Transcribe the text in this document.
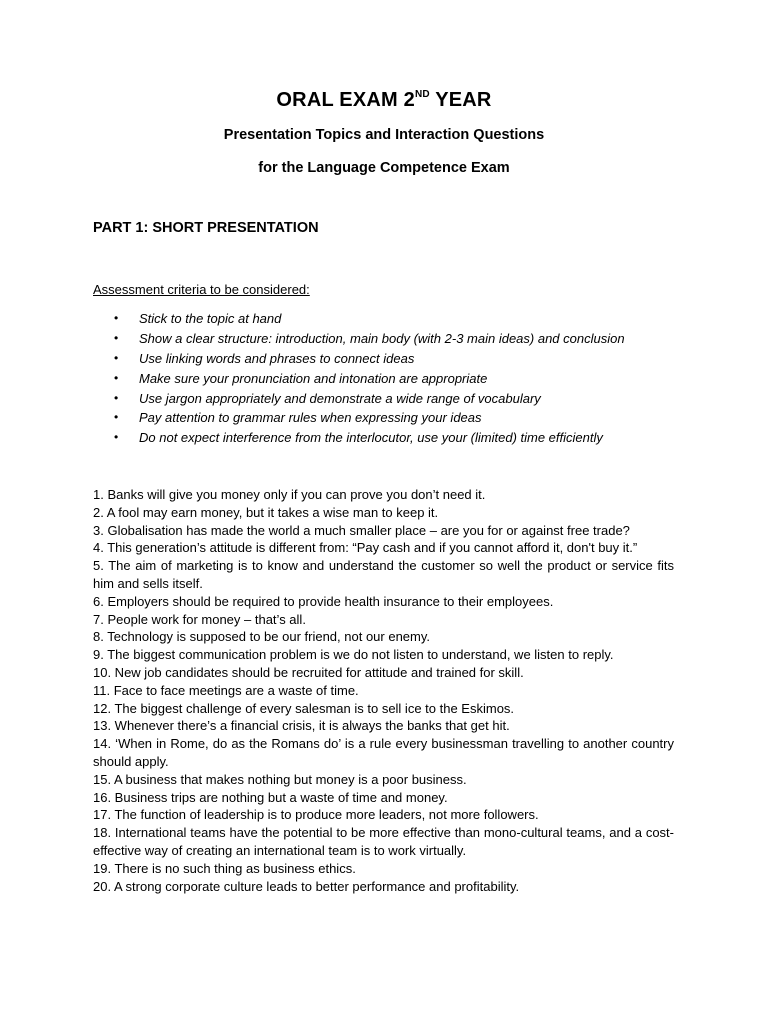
ORAL EXAM 2ND YEAR
Presentation Topics and Interaction Questions
for the Language Competence Exam
PART 1: SHORT PRESENTATION
Assessment criteria to be considered:
• Stick to the topic at hand
• Show a clear structure: introduction, main body (with 2-3 main ideas) and conclusion
• Use linking words and phrases to connect ideas
• Make sure your pronunciation and intonation are appropriate
• Use jargon appropriately and demonstrate a wide range of vocabulary
• Pay attention to grammar rules when expressing your ideas
• Do not expect interference from the interlocutor, use your (limited) time efficiently
1. Banks will give you money only if you can prove you don’t need it.
2. A fool may earn money, but it takes a wise man to keep it.
3. Globalisation has made the world a much smaller place – are you for or against free trade?
4. This generation’s attitude is different from: “Pay cash and if you cannot afford it, don't buy it.”
5. The aim of marketing is to know and understand the customer so well the product or service fits him and sells itself.
6. Employers should be required to provide health insurance to their employees.
7. People work for money – that’s all.
8. Technology is supposed to be our friend, not our enemy.
9. The biggest communication problem is we do not listen to understand, we listen to reply.
10. New job candidates should be recruited for attitude and trained for skill.
11. Face to face meetings are a waste of time.
12. The biggest challenge of every salesman is to sell ice to the Eskimos.
13. Whenever there’s a financial crisis, it is always the banks that get hit.
14. ‘When in Rome, do as the Romans do’ is a rule every businessman travelling to another country should apply.
15. A business that makes nothing but money is a poor business.
16. Business trips are nothing but a waste of time and money.
17. The function of leadership is to produce more leaders, not more followers.
18. International teams have the potential to be more effective than mono-cultural teams, and a cost-effective way of creating an international team is to work virtually.
19. There is no such thing as business ethics.
20. A strong corporate culture leads to better performance and profitability.
